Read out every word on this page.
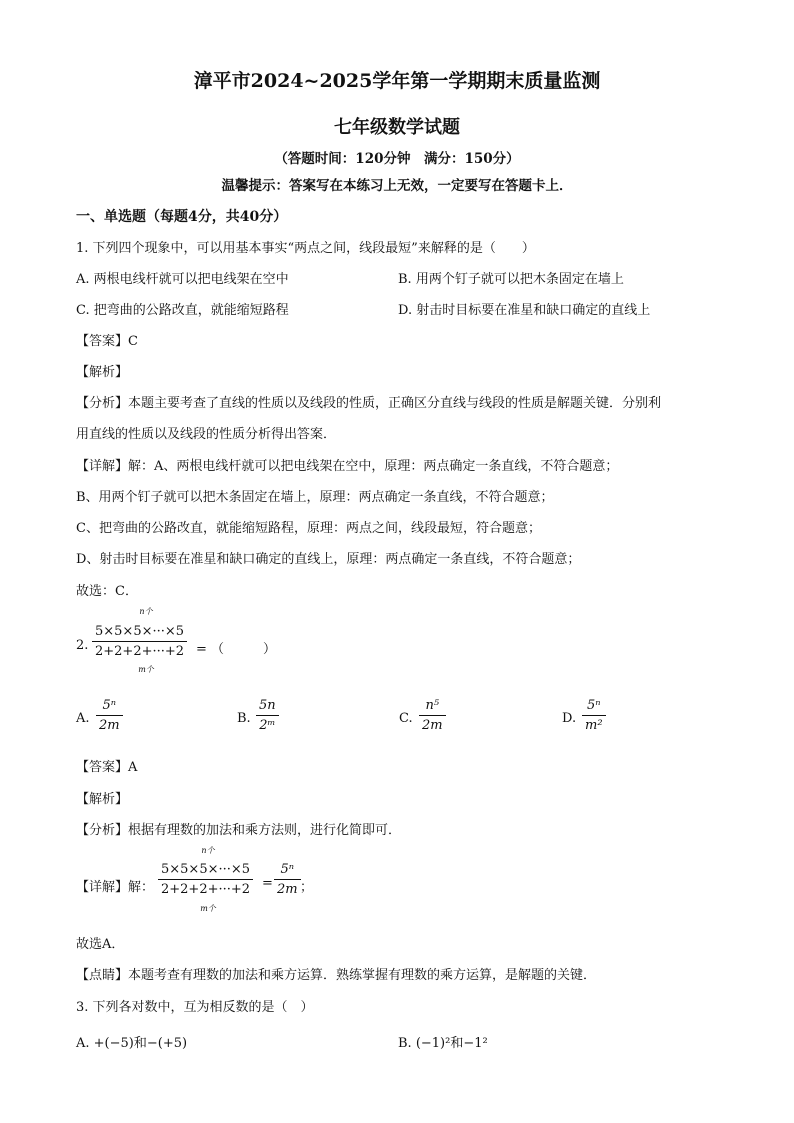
漳平市2024~2025学年第一学期期末质量监测
七年级数学试题
（答题时间：120分钟　满分：150分）
温馨提示：答案写在本练习上无效，一定要写在答题卡上．
一、单选题（每题4分，共40分）
1. 下列四个现象中，可以用基本事实“两点之间，线段最短”来解释的是（　　）
A. 两根电线杆就可以把电线架在空中	B. 用两个钉子就可以把木条固定在墙上
C. 把弯曲的公路改直，就能缩短路程	D. 射击时目标要在准星和缺口确定的直线上
【答案】C
【解析】
【分析】本题主要考查了直线的性质以及线段的性质，正确区分直线与线段的性质是解题关键．分别利
用直线的性质以及线段的性质分析得出答案．
【详解】解：A、两根电线杆就可以把电线架在空中，原理：两点确定一条直线，不符合题意；
B、用两个钉子就可以把木条固定在墙上，原理：两点确定一条直线，不符合题意；
C、把弯曲的公路改直，就能缩短路程，原理：两点之间，线段最短，符合题意；
D、射击时目标要在准星和缺口确定的直线上，原理：两点确定一条直线，不符合题意；
故选：C．
2.
n个
$\frac{5\times 5\times 5\times\cdot\cdot\cdot\times 5}{2+2+2+\cdot\cdot\cdot+2}$
m个
= （　　　）
A. $\frac{\text{5ⁿ}}{2m}$	B. $\frac{5n}{\text{2ᵐ}}$	C. $\frac{\text{n⁵}}{2m}$	D. $\frac{\text{5ⁿ}}{\text{m²}}$
【答案】A
【解析】
【分析】根据有理数的加法和乘方法则，进行化简即可．
【详解】解：
n个
$\frac{5\times 5\times 5\times\cdot\cdot\cdot\times 5}{2+2+2+\cdot\cdot\cdot+2}$
m个
= $\frac{\text{5ⁿ}}{2m}$ ；
故选A．
【点睛】本题考查有理数的加法和乘方运算．熟练掌握有理数的乘方运算，是解题的关键．
3. 下列各对数中，互为相反数的是（　）
A. +(−5)和−(+5)	B. (−1)²和−1²
